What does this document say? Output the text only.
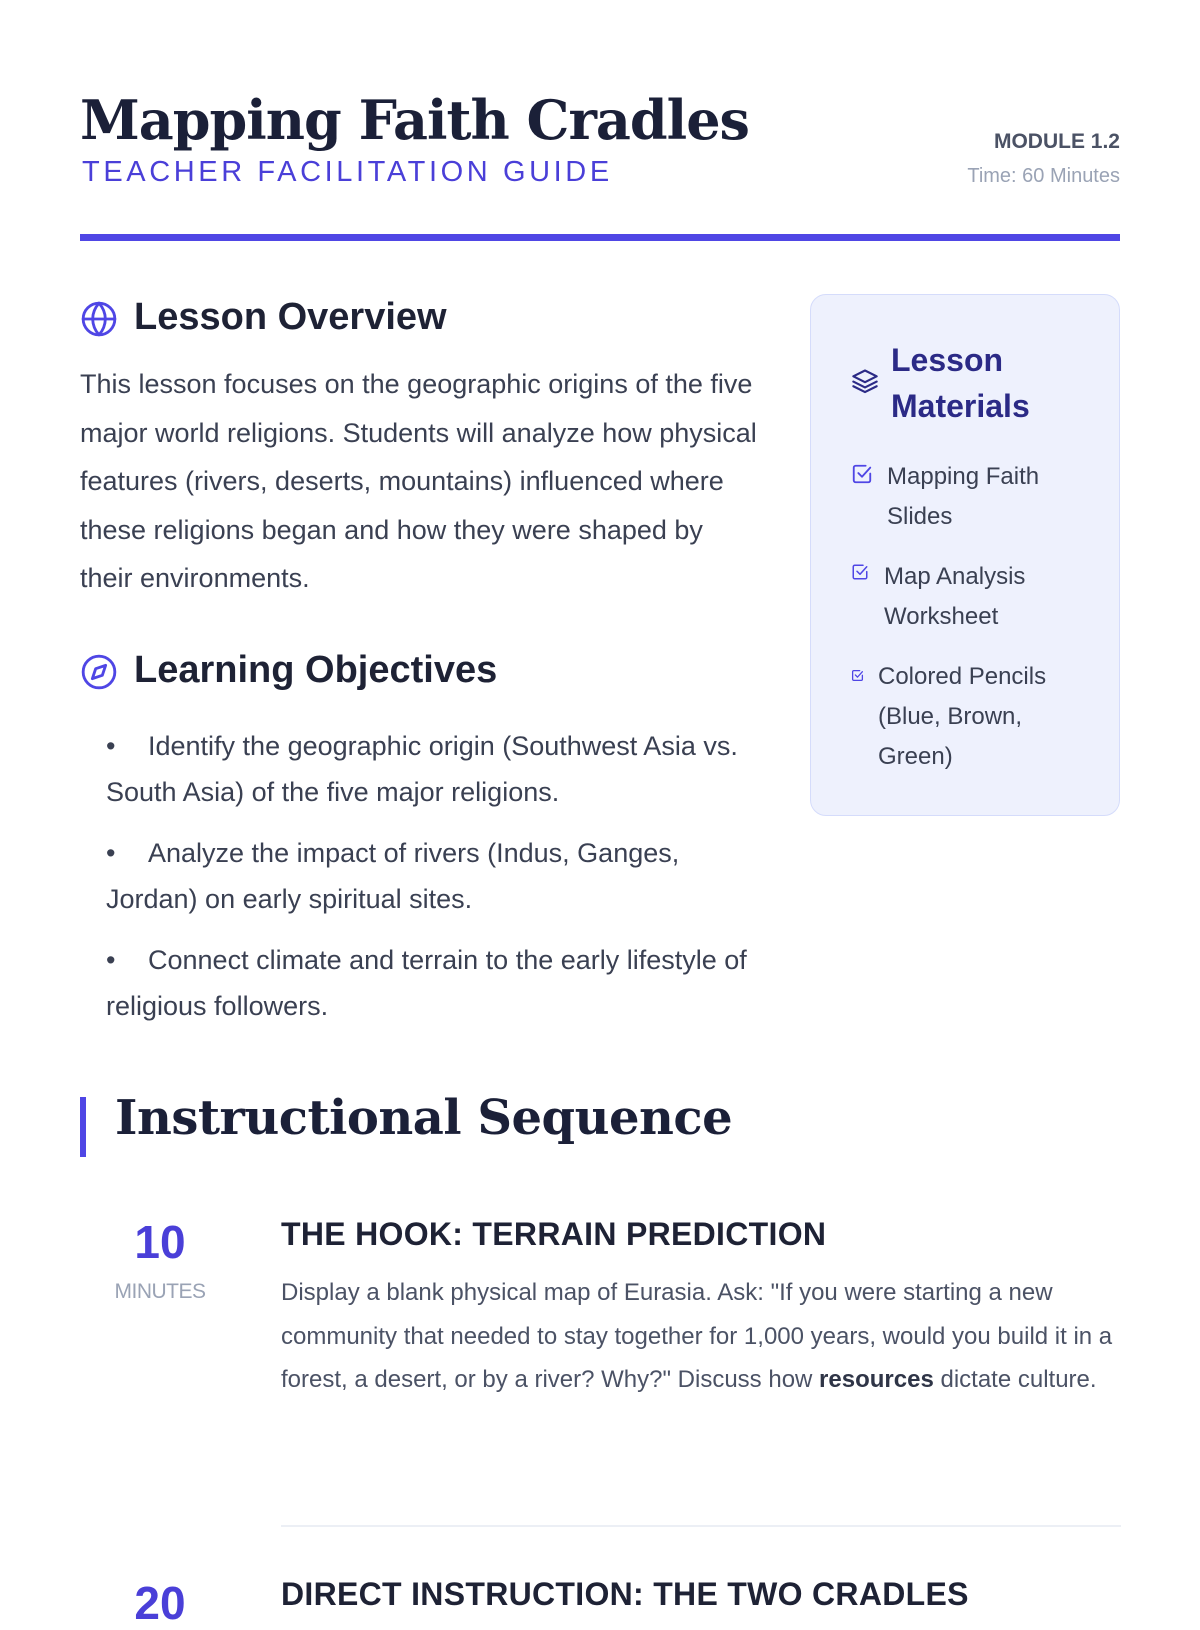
Mapping Faith Cradles
TEACHER FACILITATION GUIDE
MODULE 1.2
Time: 60 Minutes
Lesson Overview

This lesson focuses on the geographic origins of the five major world religions. Students will analyze how physical features (rivers, deserts, mountains) influenced where these religions began and how they were shaped by their environments.

Learning Objectives
• Identify the geographic origin (Southwest Asia vs. South Asia) of the five major religions.
• Analyze the impact of rivers (Indus, Ganges, Jordan) on early spiritual sites.
• Connect climate and terrain to the early lifestyle of religious followers.
Lesson Materials
Mapping Faith Slides
Map Analysis Worksheet
Colored Pencils (Blue, Brown, Green)
Instructional Sequence
10
MINUTES
THE HOOK: TERRAIN PREDICTION

Display a blank physical map of Eurasia. Ask: "If you were starting a new community that needed to stay together for 1,000 years, would you build it in a forest, a desert, or by a river? Why?" Discuss how resources dictate culture.

20	DIRECT INSTRUCTION: THE TWO CRADLES
